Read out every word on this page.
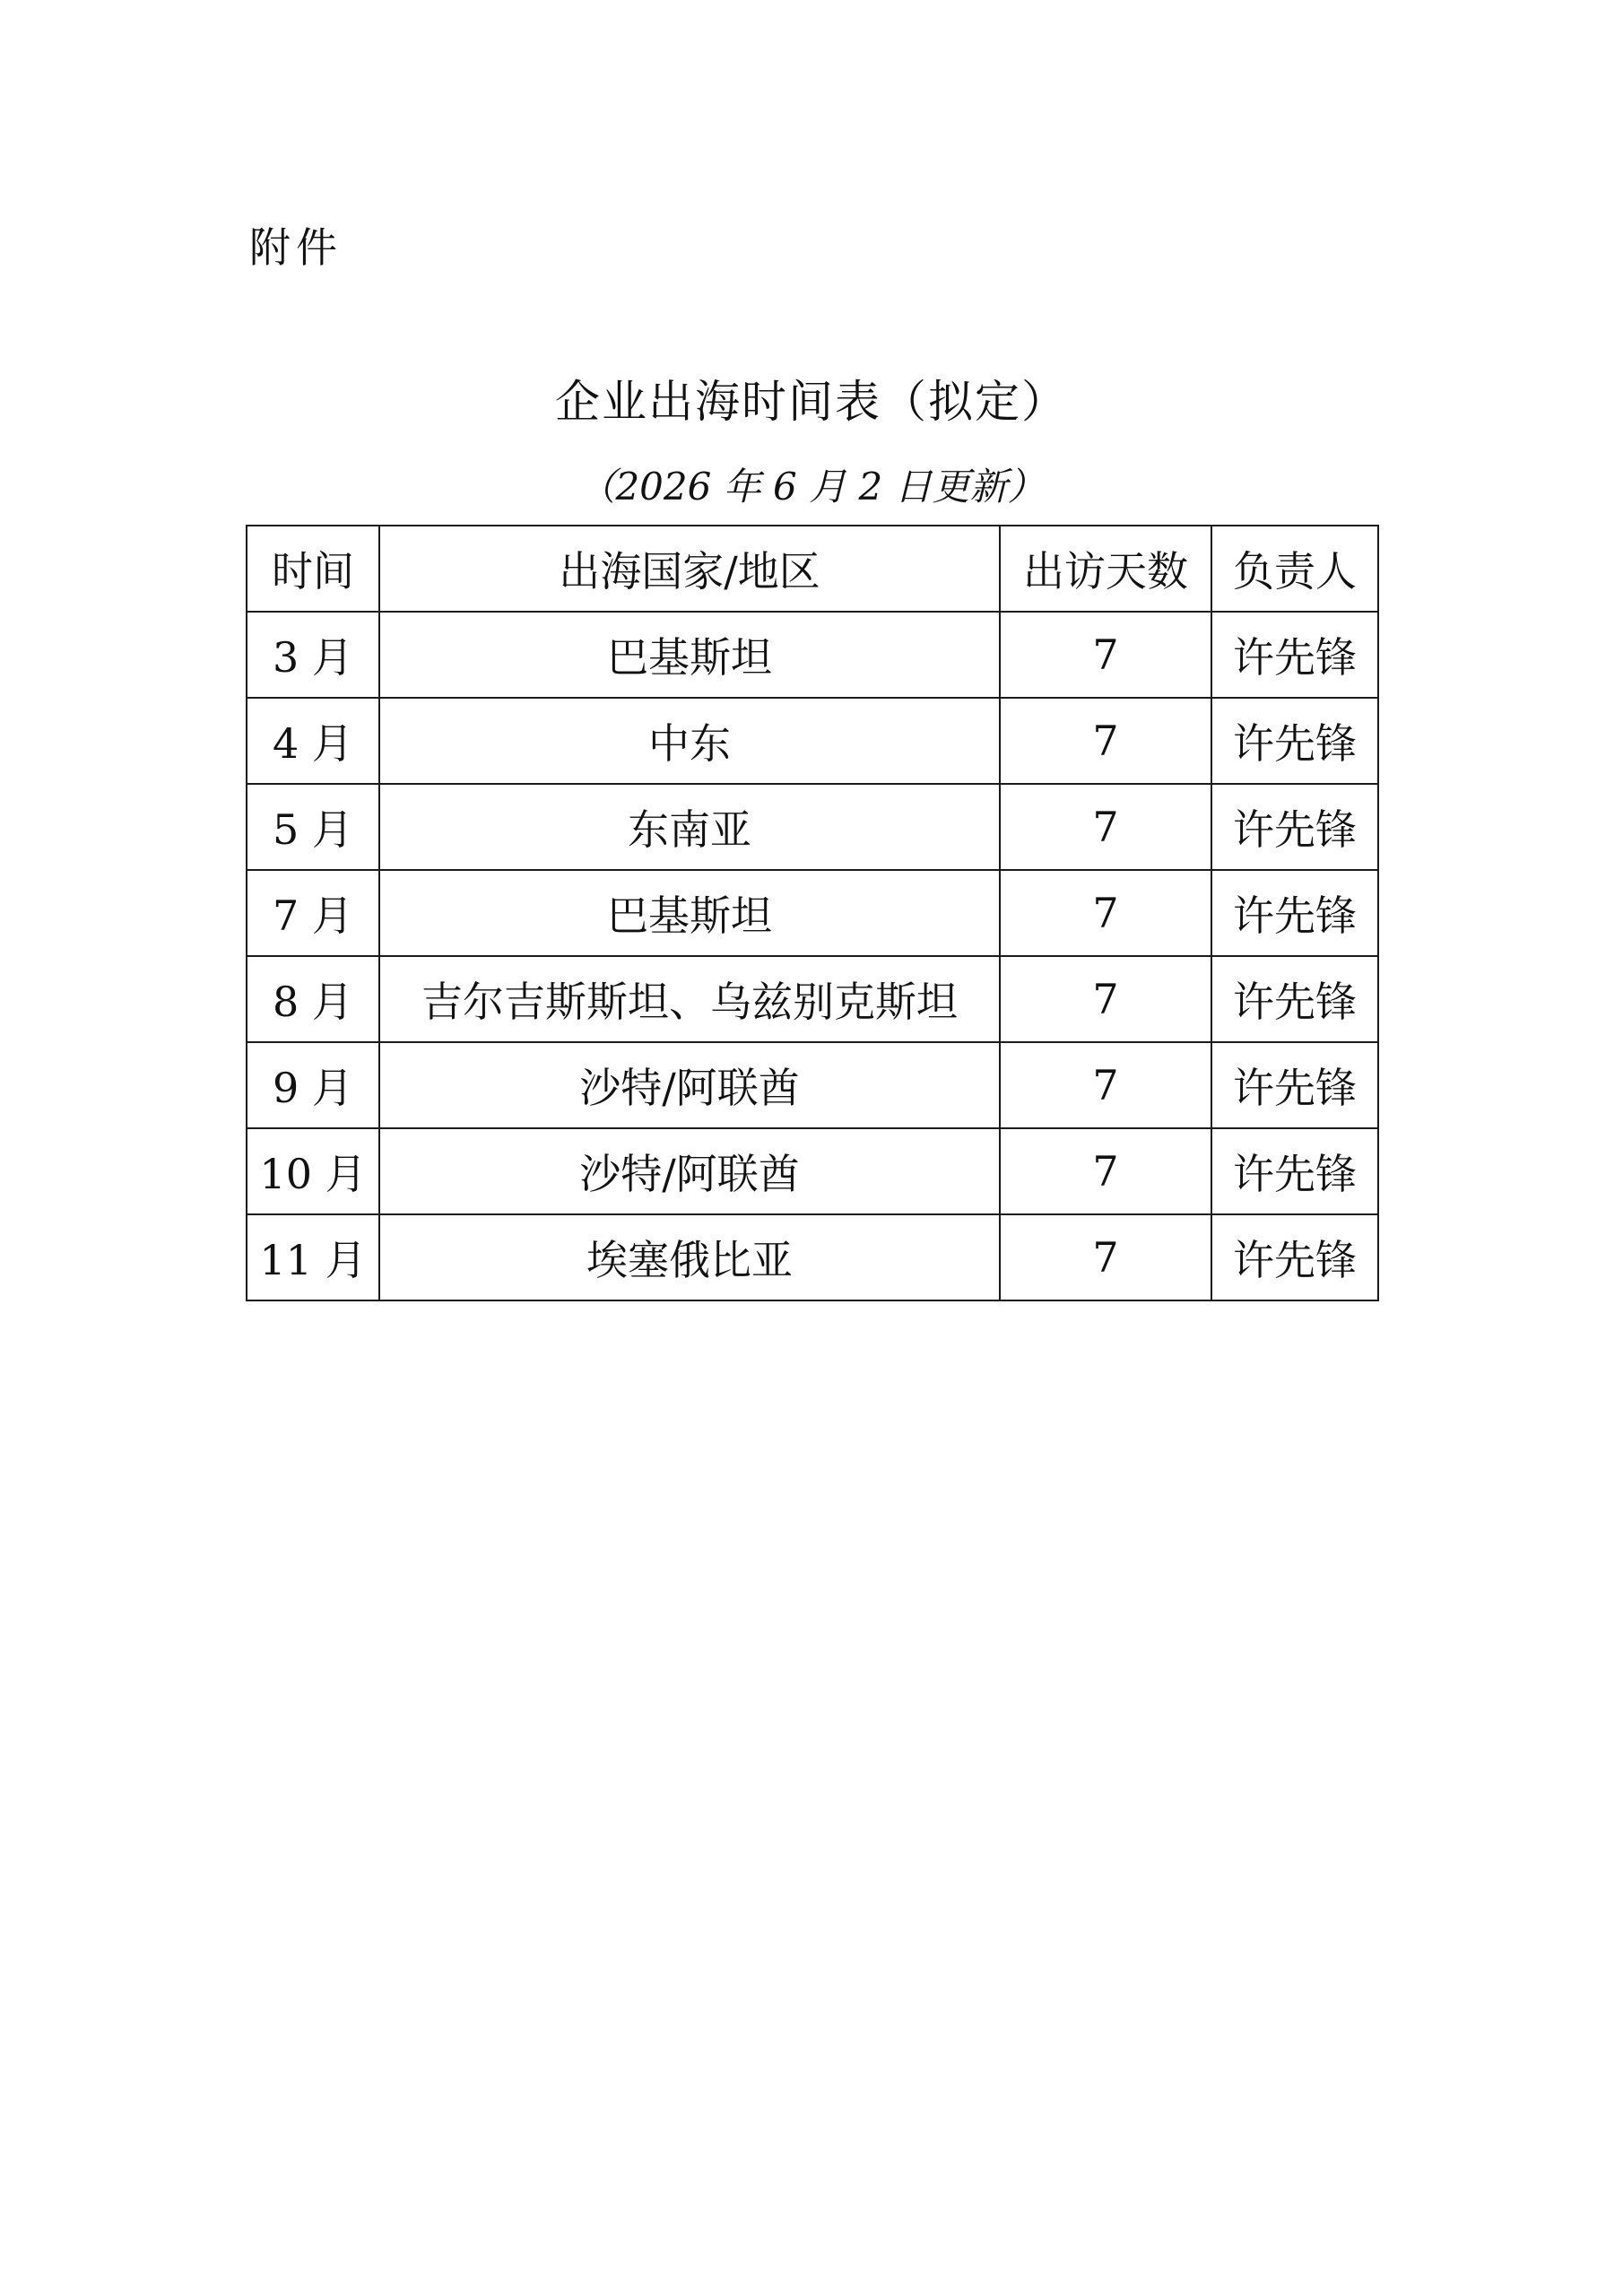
附件
企业出海时间表（拟定）
（2026 年 6 月 2 日更新）
时间	出海国家/地区	出访天数	负责人
3 月	巴基斯坦	7	许先锋
4 月	中东	7	许先锋
5 月	东南亚	7	许先锋
7 月	巴基斯坦	7	许先锋
8 月	吉尔吉斯斯坦、乌兹别克斯坦	7	许先锋
9 月	沙特/阿联酋	7	许先锋
10 月	沙特/阿联酋	7	许先锋
11 月	埃塞俄比亚	7	许先锋
